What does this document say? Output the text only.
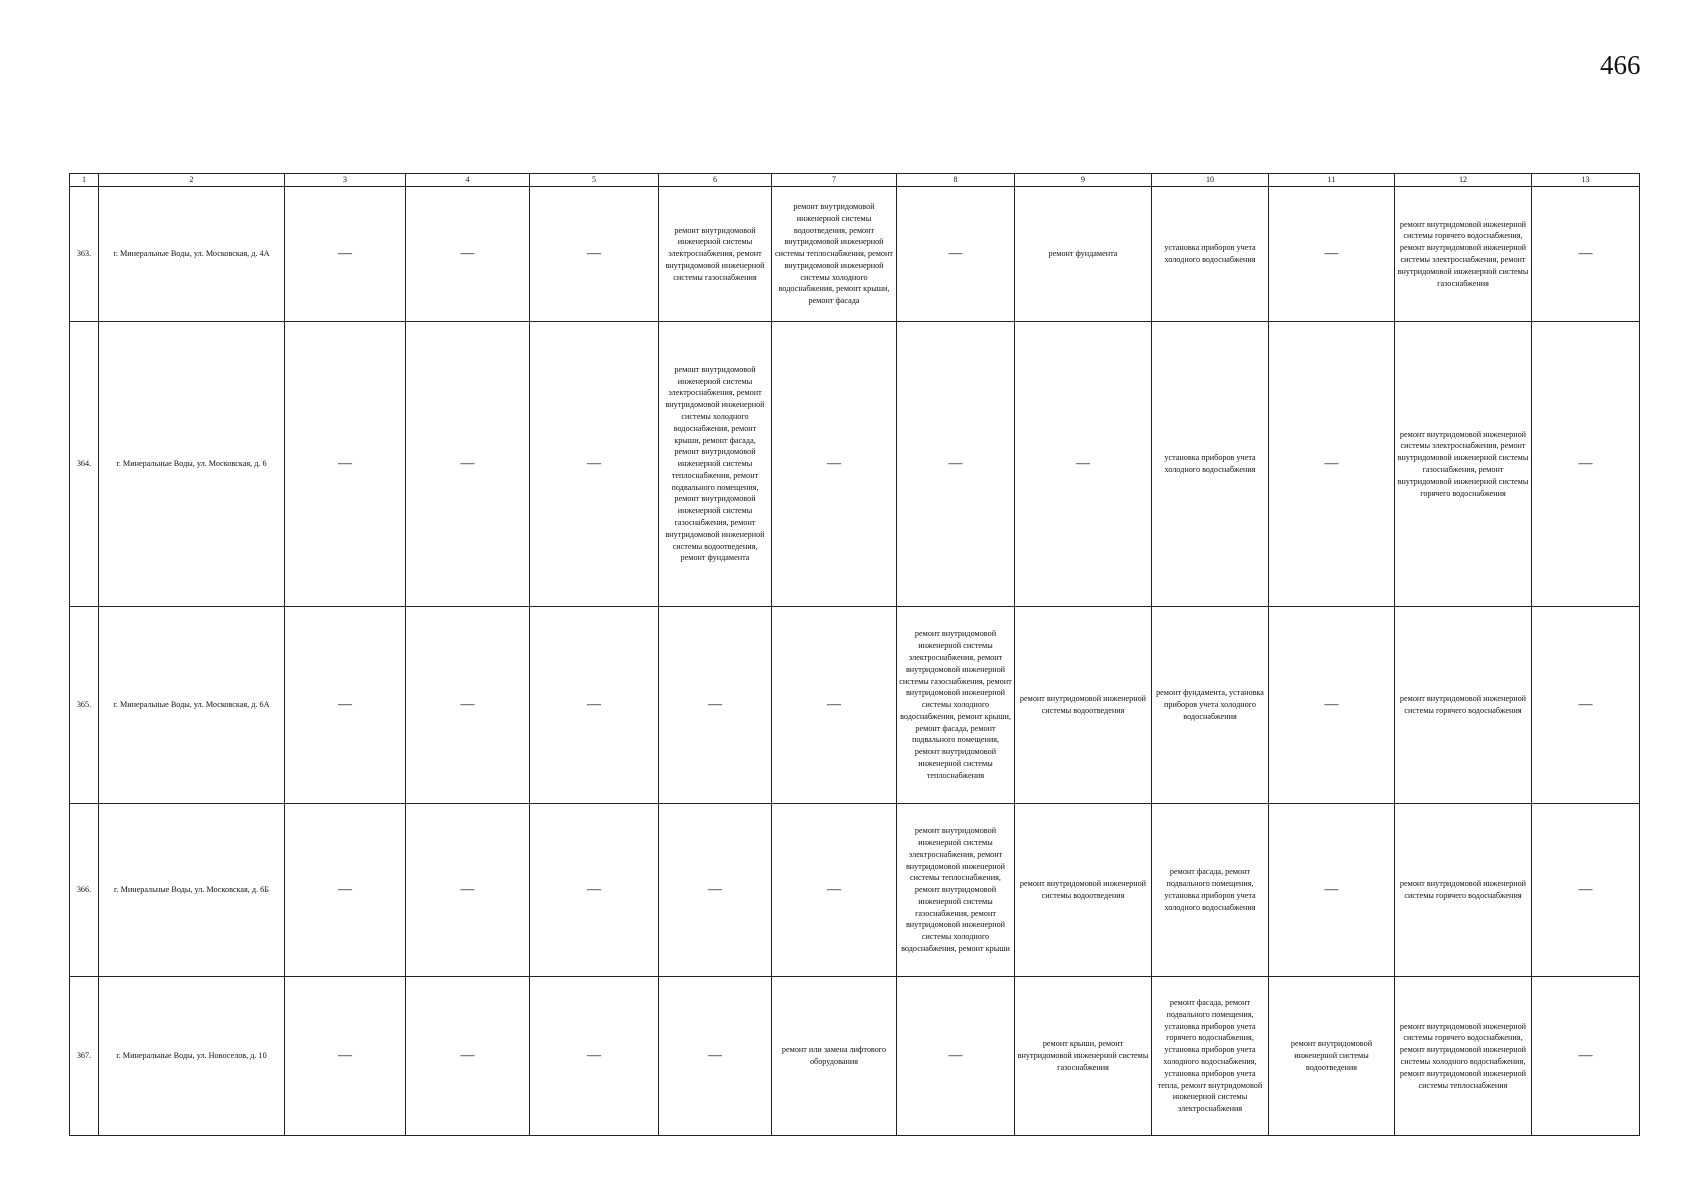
466
1	2	3	4	5	6	7	8	9	10	11	12	13
363.	г. Минеральные Воды, ул. Московская, д. 4А	—	—	—	ремонт внутридомовой инженерной системы электроснабжения, ремонт внутридомовой инженерной системы газоснабжения	ремонт внутридомовой инженерной системы водоотведения, ремонт внутридомовой инженерной системы теплоснабжения, ремонт внутридомовой инженерной системы холодного водоснабжения, ремонт крыши, ремонт фасада	—	ремонт фундамента	установка приборов учета холодного водоснабжения	—	ремонт внутридомовой инженерной системы горячего водоснабжения, ремонт внутридомовой инженерной системы электроснабжения, ремонт внутридомовой инженерной системы газоснабжения	—
364.	г. Минеральные Воды, ул. Московская, д. 6	—	—	—	ремонт внутридомовой инженерной системы электроснабжения, ремонт внутридомовой инженерной системы холодного водоснабжения, ремонт крыши, ремонт фасада, ремонт внутридомовой инженерной системы теплоснабжения, ремонт подвального помещения, ремонт внутридомовой инженерной системы газоснабжения, ремонт внутридомовой инженерной системы водоотведения, ремонт фундамента	—	—	—	установка приборов учета холодного водоснабжения	—	ремонт внутридомовой инженерной системы электроснабжения, ремонт внутридомовой инженерной системы газоснабжения, ремонт внутридомовой инженерной системы горячего водоснабжения	—
365.	г. Минеральные Воды, ул. Московская, д. 6А	—	—	—	—	—	ремонт внутридомовой инженерной системы электроснабжения, ремонт внутридомовой инженерной системы газоснабжения, ремонт внутридомовой инженерной системы холодного водоснабжения, ремонт крыши, ремонт фасада, ремонт подвального помещения, ремонт внутридомовой инженерной системы теплоснабжения	ремонт внутридомовой инженерной системы водоотведения	ремонт фундамента, установка приборов учета холодного водоснабжения	—	ремонт внутридомовой инженерной системы горячего водоснабжения	—
366.	г. Минеральные Воды, ул. Московская, д. 6Б	—	—	—	—	—	ремонт внутридомовой инженерной системы электроснабжения, ремонт внутридомовой инженерной системы теплоснабжения, ремонт внутридомовой инженерной системы газоснабжения, ремонт внутридомовой инженерной системы холодного водоснабжения, ремонт крыши	ремонт внутридомовой инженерной системы водоотведения	ремонт фасада, ремонт подвального помещения, установка приборов учета холодного водоснабжения	—	ремонт внутридомовой инженерной системы горячего водоснабжения	—
367.	г. Минеральные Воды, ул. Новоселов, д. 10	—	—	—	—	ремонт или замена лифтового оборудования	—	ремонт крыши, ремонт внутридомовой инженерной системы газоснабжения	ремонт фасада, ремонт подвального помещения, установка приборов учета горячего водоснабжения, установка приборов учета холодного водоснабжения, установка приборов учета тепла, ремонт внутридомовой инженерной системы электроснабжения	ремонт внутридомовой инженерной системы водоотведения	ремонт внутридомовой инженерной системы горячего водоснабжения, ремонт внутридомовой инженерной системы холодного водоснабжения, ремонт внутридомовой инженерной системы теплоснабжения	—
